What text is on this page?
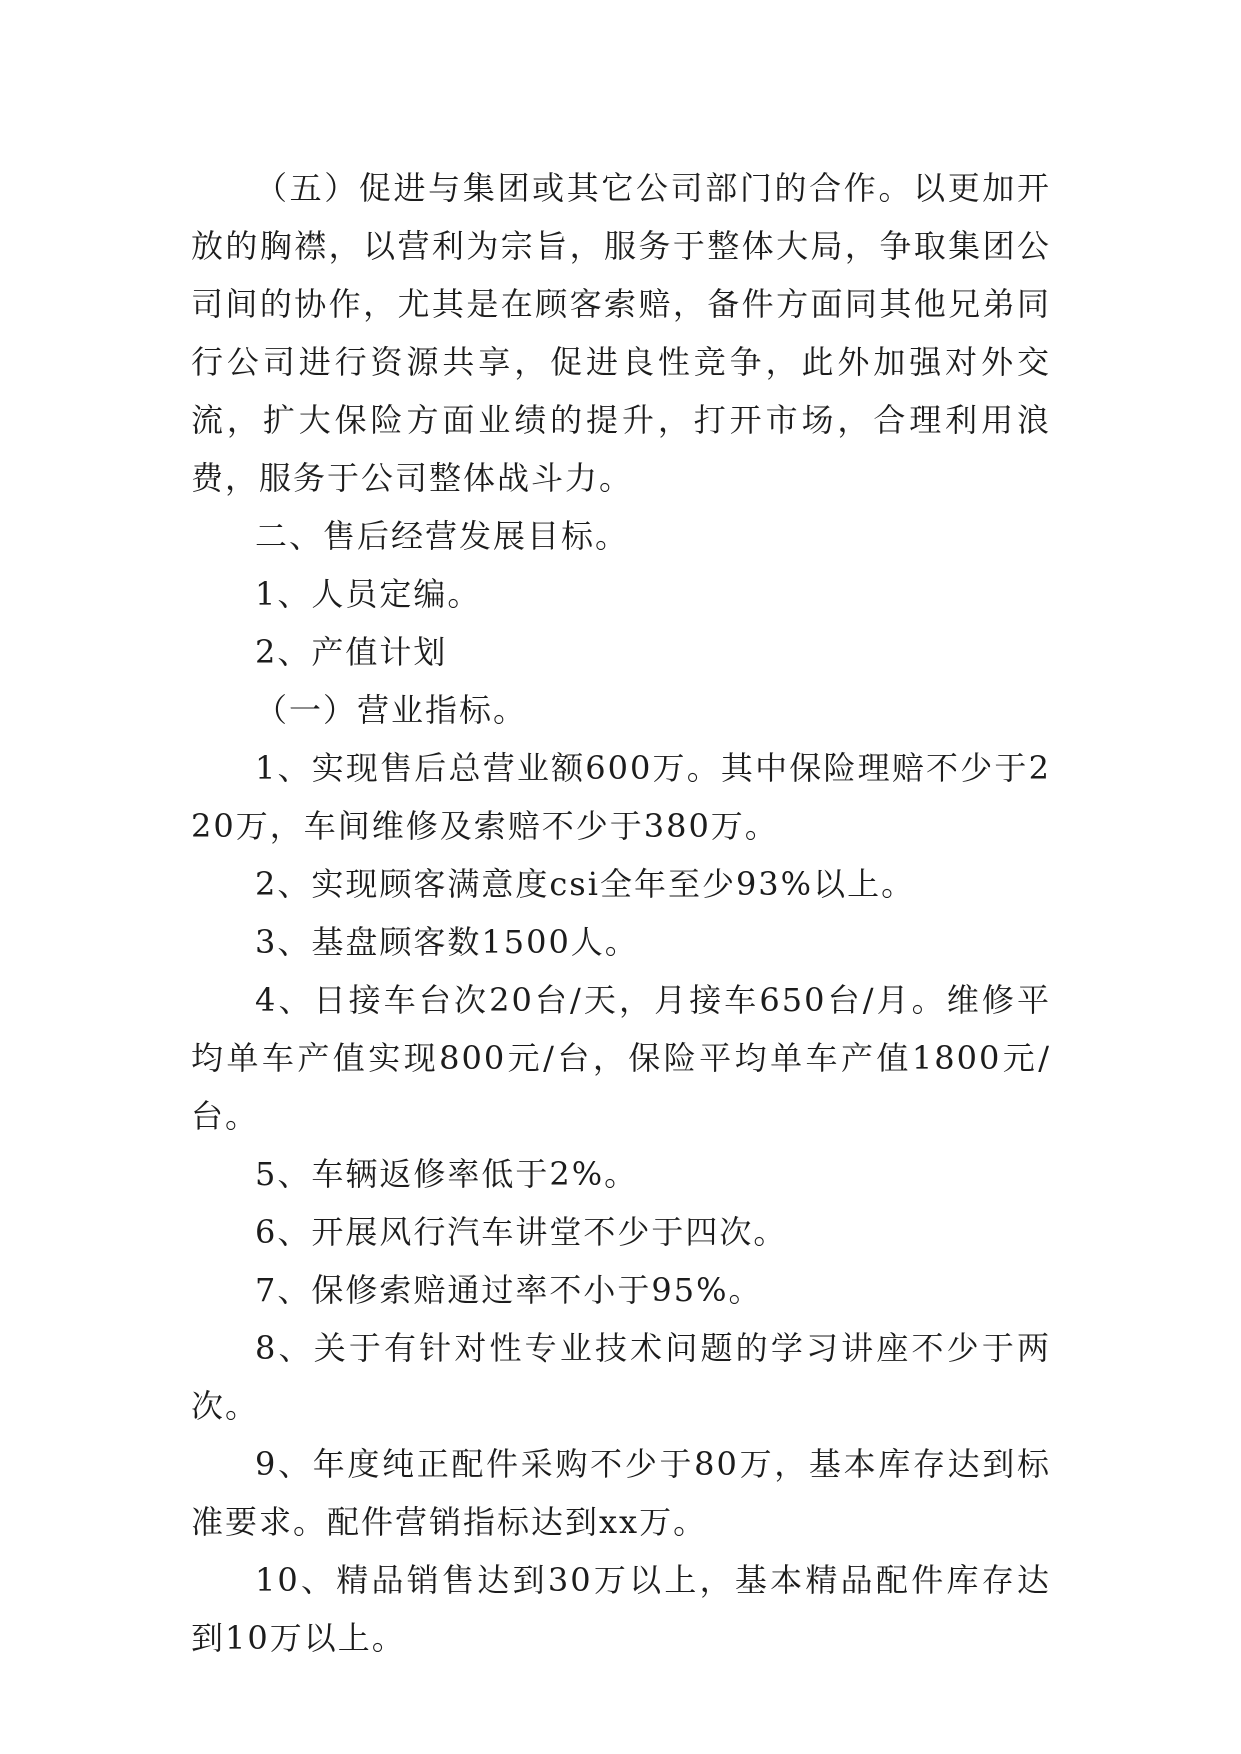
（五）促进与集团或其它公司部门的合作。以更加开放的胸襟，以营利为宗旨，服务于整体大局，争取集团公司间的协作，尤其是在顾客索赔，备件方面同其他兄弟同行公司进行资源共享，促进良性竞争，此外加强对外交流，扩大保险方面业绩的提升，打开市场，合理利用浪费，服务于公司整体战斗力。

二、售后经营发展目标。

1、人员定编。

2、产值计划

（一）营业指标。

1、实现售后总营业额600万。其中保险理赔不少于220万，车间维修及索赔不少于380万。

2、实现顾客满意度csi全年至少93%以上。

3、基盘顾客数1500人。

4、日接车台次20台/天，月接车650台/月。维修平均单车产值实现800元/台，保险平均单车产值1800元/台。

5、车辆返修率低于2%。

6、开展风行汽车讲堂不少于四次。

7、保修索赔通过率不小于95%。

8、关于有针对性专业技术问题的学习讲座不少于两次。

9、年度纯正配件采购不少于80万，基本库存达到标准要求。配件营销指标达到xx万。

10、精品销售达到30万以上，基本精品配件库存达到10万以上。
